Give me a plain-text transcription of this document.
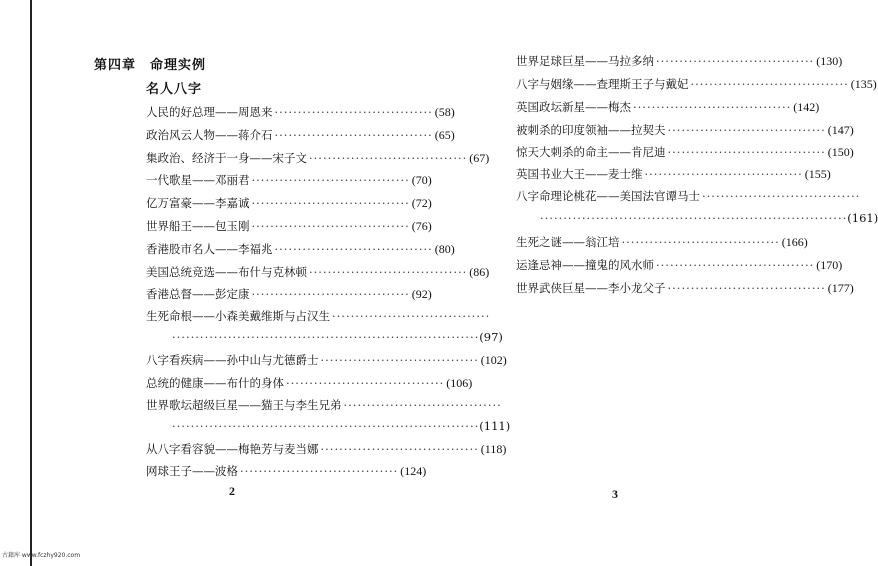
第四章　命理实例
名人八字
人民的好总理——周恩来 ·································· (58)
政治风云人物——蒋介石 ·································· (65)
集政治、经济于一身——宋子文 ·································· (67)
一代歌星——邓丽君 ·································· (70)
亿万富豪——李嘉诚 ·································· (72)
世界船王——包玉刚 ·································· (76)
香港股市名人——李福兆 ·································· (80)
美国总统竞选——布什与克林顿 ·································· (86)
香港总督——彭定康 ·································· (92)
生死命根——小森美戴维斯与占汉生 ··································
·································································· (97)
八字看疾病——孙中山与尤德爵士 ·································· (102)
总统的健康——布什的身体 ·································· (106)
世界歌坛超级巨星——猫王与李生兄弟 ··································
·································································· (111)
从八字看容貌——梅艳芳与麦当娜 ·································· (118)
网球王子——波格 ·································· (124)
2
世界足球巨星——马拉多纳 ·································· (130)
八字与姻缘——查理斯王子与戴妃 ·································· (135)
英国政坛新星——梅杰 ·································· (142)
被刺杀的印度领袖——拉契夫 ·································· (147)
惊天大刺杀的命主——肯尼迪 ·································· (150)
英国书业大王——麦士维 ·································· (155)
八字命理论桃花——美国法官谭马士 ··································
·································································· (161)
生死之谜——翁江培 ·································· (166)
运逢忌神——撞鬼的风水师 ·································· (170)
世界武侠巨星——李小龙父子 ·································· (177)
3
古籍库 www.fczhy920.com
